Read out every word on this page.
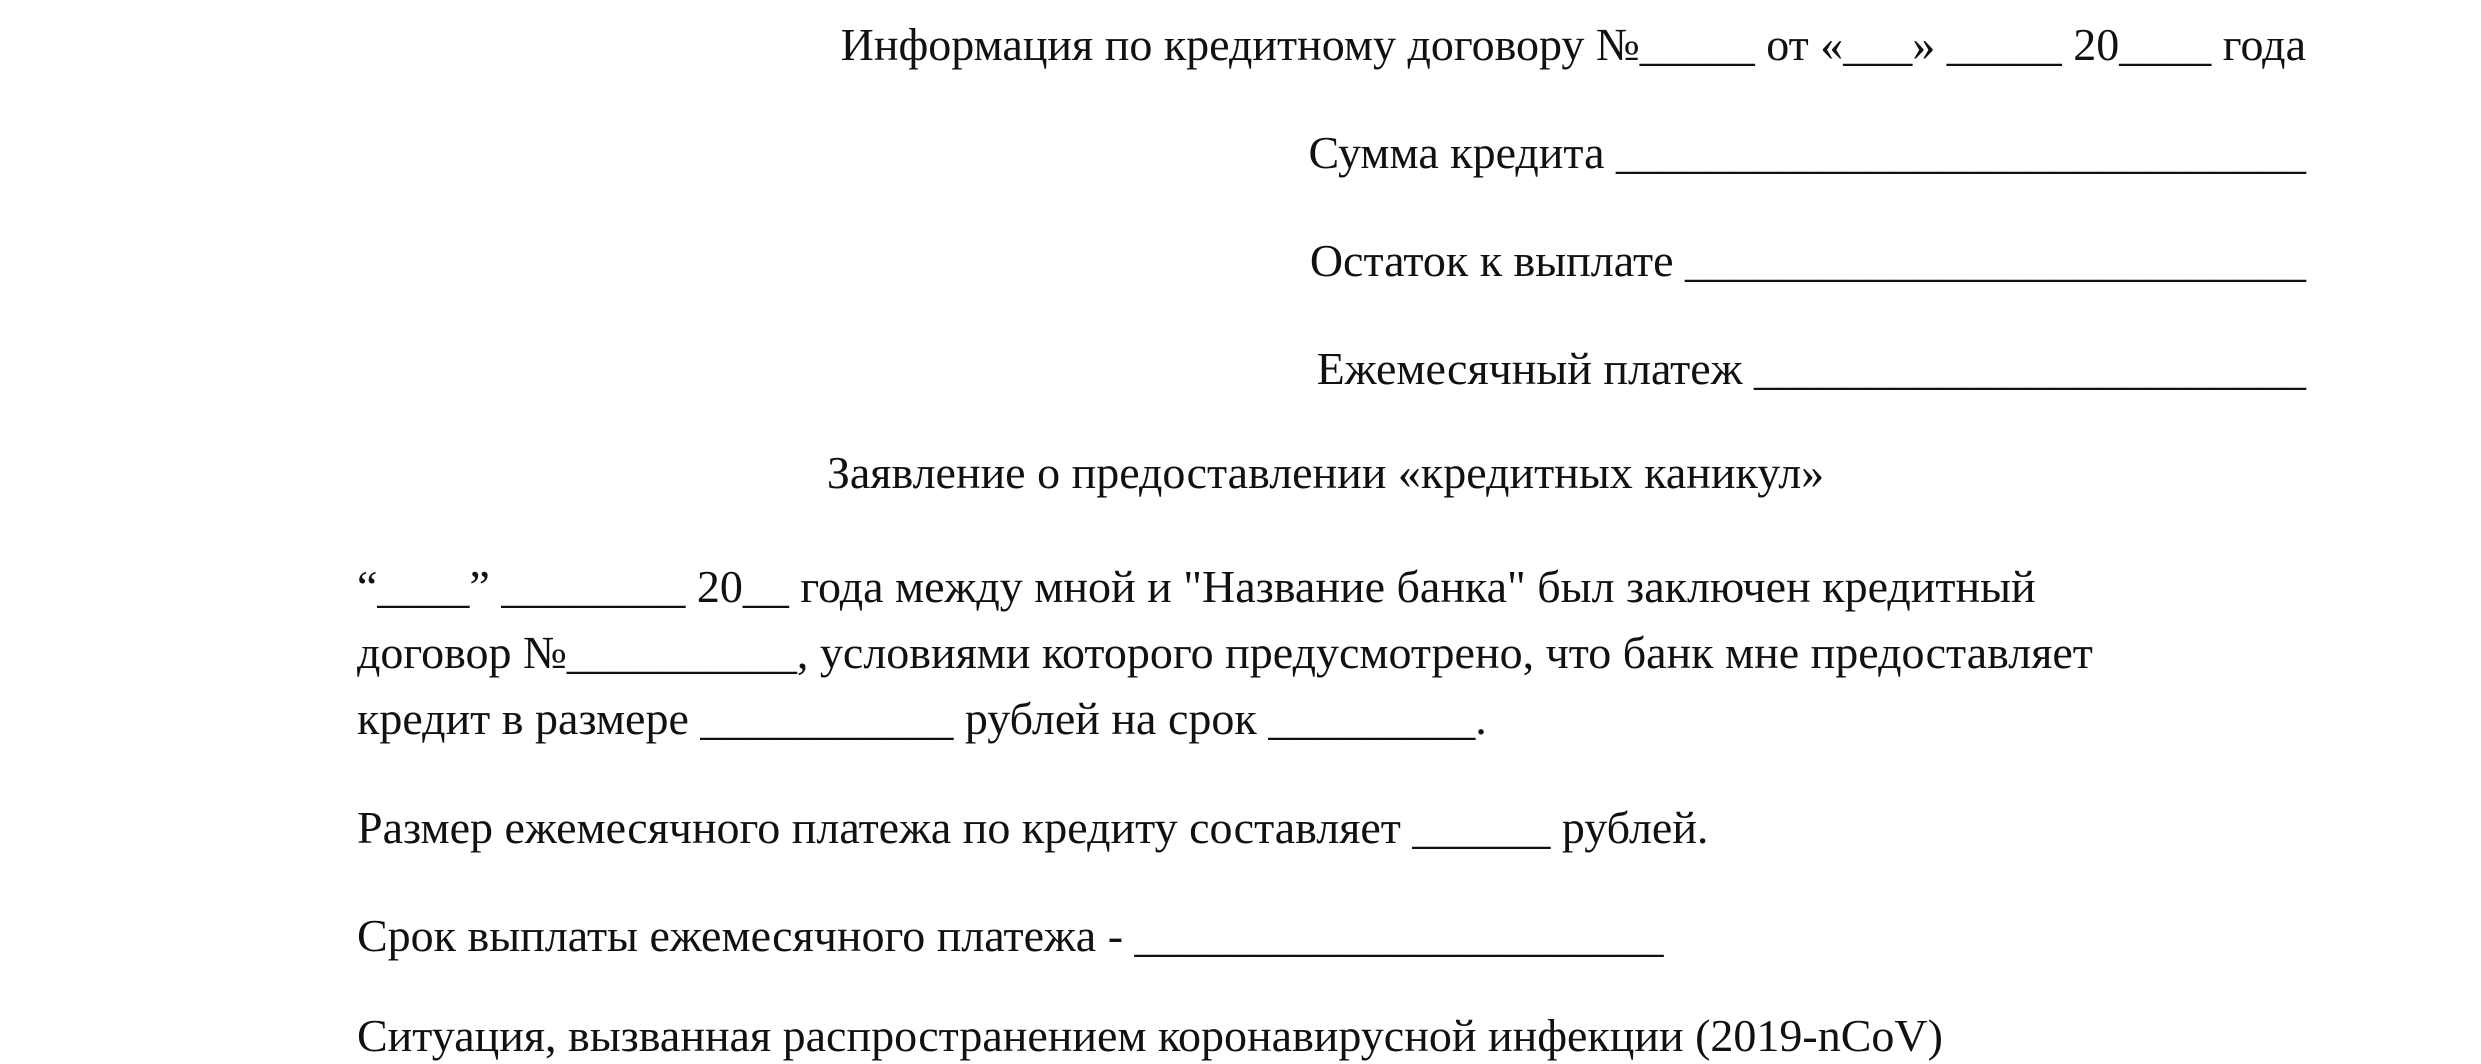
Информация по кредитному договору №_____ от «___» _____ 20____ года
Сумма кредита ______________________________
Остаток к выплате ___________________________
Ежемесячный платеж ________________________
Заявление о предоставлении «кредитных каникул»
“____” ________ 20__ года между мной и "Название банка" был заключен кредитный
договор №__________, условиями которого предусмотрено, что банк мне предоставляет
кредит в размере ___________ рублей на срок _________.
Размер ежемесячного платежа по кредиту составляет ______ рублей.
Срок выплаты ежемесячного платежа - _______________________
Ситуация, вызванная распространением коронавирусной инфекции (2019-nCoV)
